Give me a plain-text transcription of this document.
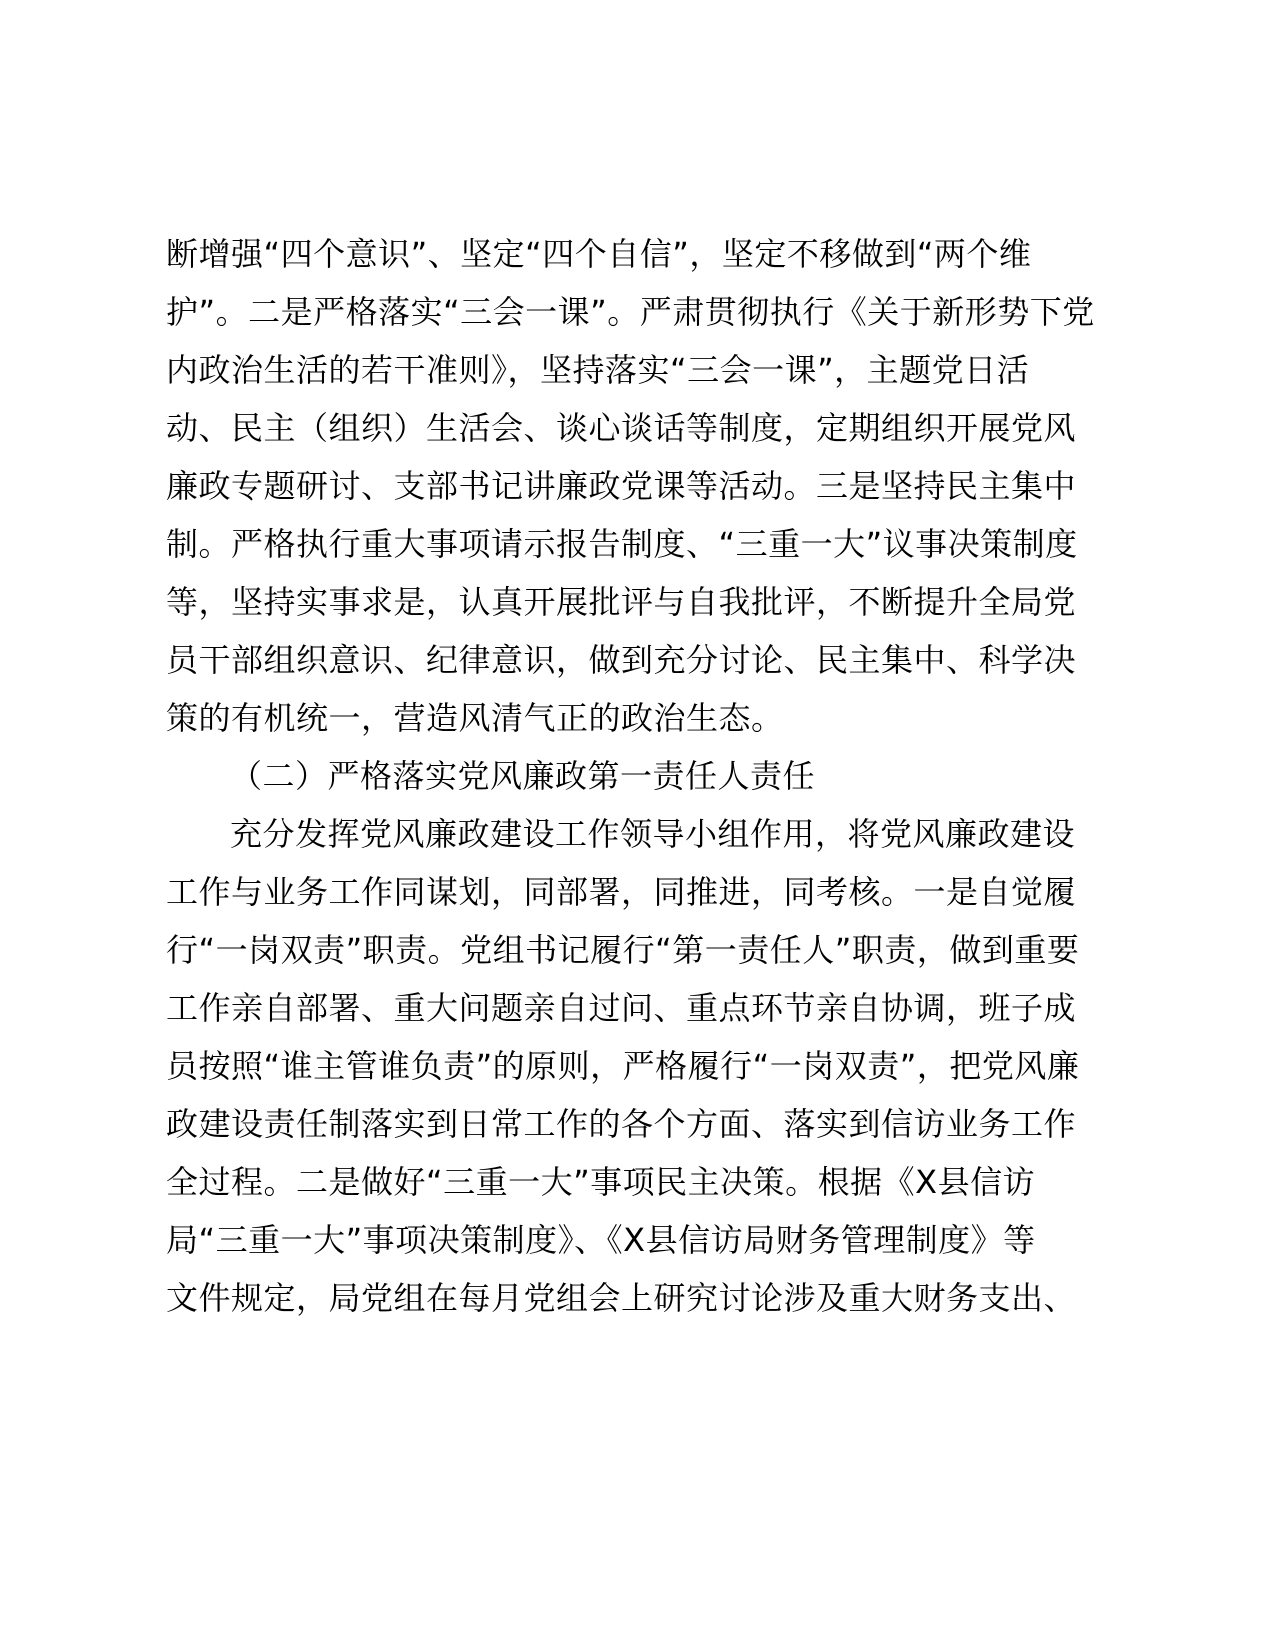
断增强“四个意识”、坚定“四个自信”，坚定不移做到“两个维
护”。二是严格落实“三会一课”。严肃贯彻执行《关于新形势下党
内政治生活的若干准则》，坚持落实“三会一课”，主题党日活
动、民主（组织）生活会、谈心谈话等制度，定期组织开展党风
廉政专题研讨、支部书记讲廉政党课等活动。三是坚持民主集中
制。严格执行重大事项请示报告制度、“三重一大”议事决策制度
等，坚持实事求是，认真开展批评与自我批评，不断提升全局党
员干部组织意识、纪律意识，做到充分讨论、民主集中、科学决
策的有机统一，营造风清气正的政治生态。
（二）严格落实党风廉政第一责任人责任
充分发挥党风廉政建设工作领导小组作用，将党风廉政建设
工作与业务工作同谋划，同部署，同推进，同考核。一是自觉履
行“一岗双责”职责。党组书记履行“第一责任人”职责，做到重要
工作亲自部署、重大问题亲自过问、重点环节亲自协调，班子成
员按照“谁主管谁负责”的原则，严格履行“一岗双责”，把党风廉
政建设责任制落实到日常工作的各个方面、落实到信访业务工作
全过程。二是做好“三重一大”事项民主决策。根据《X县信访
局“三重一大”事项决策制度》、《X县信访局财务管理制度》等
文件规定，局党组在每月党组会上研究讨论涉及重大财务支出、
